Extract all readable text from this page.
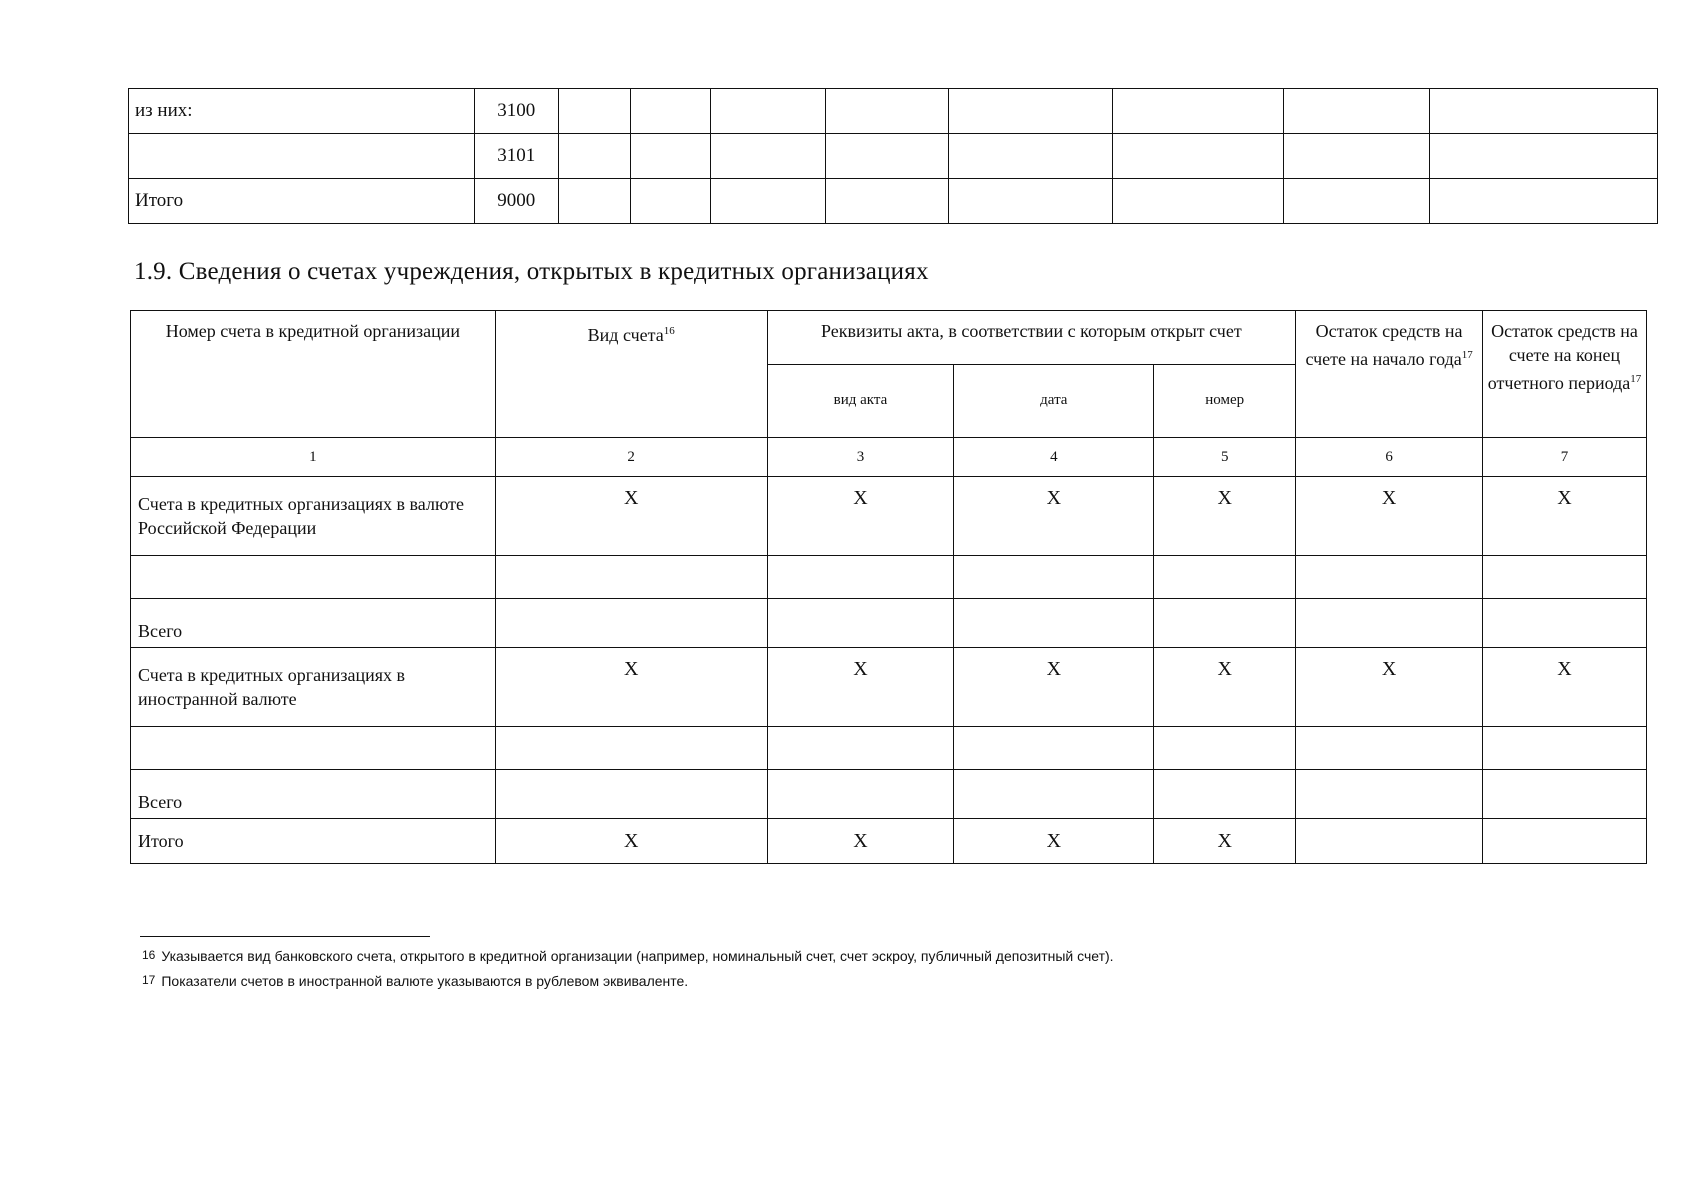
из них:	3100								
	3101								
Итого	9000								
1.9. Сведения о счетах учреждения, открытых в кредитных организациях
Номер счета в кредитной организации	Вид счета$^{16}$	Реквизиты акта, в соответствии с которым открыт счет			Остаток средств на счете на начало года$^{17}$	Остаток средств на счете на конец отчетного периода$^{17}$
		вид акта	дата	номер		
1	2	3	4	5	6	7
Счета в кредитных организациях в валюте Российской Федерации	X	X	X	X	X	X

Всего						
Счета в кредитных организациях в иностранной валюте	X	X	X	X	X	X

Всего						
Итого	X	X	X	X		
16 Указывается вид банковского счета, открытого в кредитной организации (например, номинальный счет, счет эскроу, публичный депозитный счет).
17 Показатели счетов в иностранной валюте указываются в рублевом эквиваленте.
